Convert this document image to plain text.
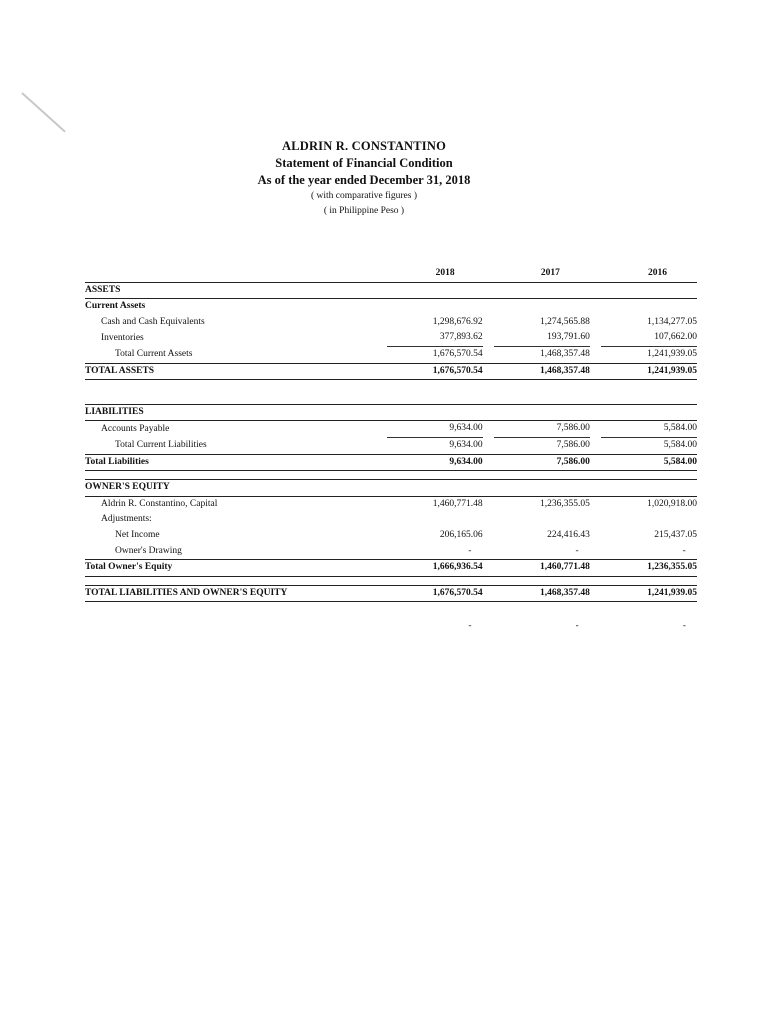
ALDRIN R. CONSTANTINO
Statement of Financial Condition
As of the year ended December 31, 2018
( with comparative figures )
( in Philippine Peso )
	2018	2017	2016
ASSETS			
Current Assets			
Cash and Cash Equivalents	1,298,676.92	1,274,565.88	1,134,277.05
Inventories	377,893.62	193,791.60	107,662.00
Total Current Assets	1,676,570.54	1,468,357.48	1,241,939.05
TOTAL ASSETS	1,676,570.54	1,468,357.48	1,241,939.05

LIABILITIES			
Accounts Payable	9,634.00	7,586.00	5,584.00
Total Current Liabilities	9,634.00	7,586.00	5,584.00
Total Liabilities	9,634.00	7,586.00	5,584.00

OWNER'S EQUITY			
Aldrin R. Constantino, Capital	1,460,771.48	1,236,355.05	1,020,918.00
Adjustments:			
Net Income	206,165.06	224,416.43	215,437.05
Owner's Drawing	-	-	-
Total Owner's Equity	1,666,936.54	1,460,771.48	1,236,355.05

TOTAL LIABILITIES AND OWNER'S EQUITY	1,676,570.54	1,468,357.48	1,241,939.05

	-	-	-
